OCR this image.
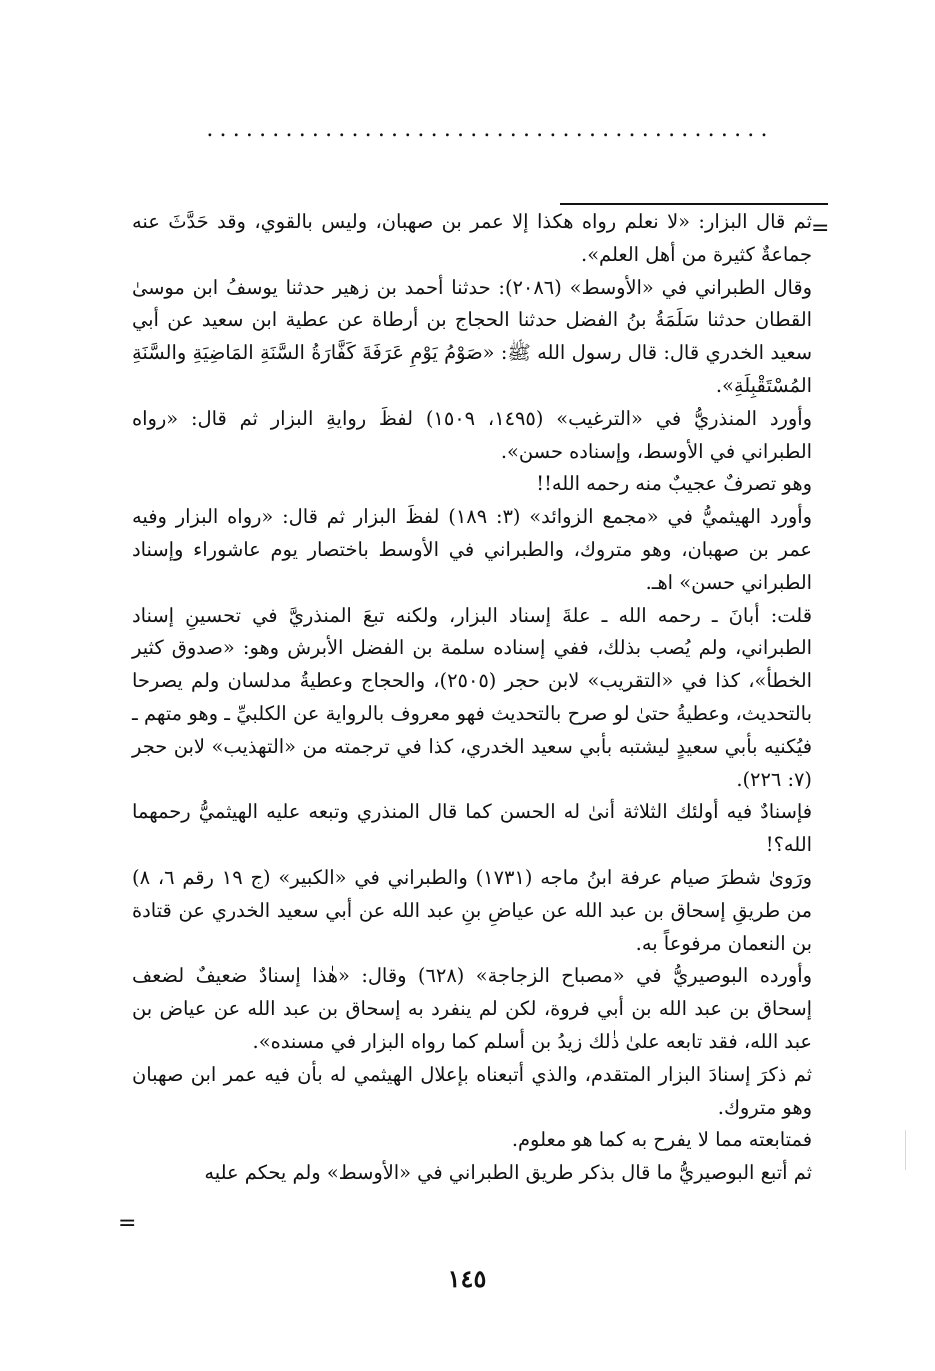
...........................................
=

ثم قال البزار: «لا نعلم رواه هكذا إلا عمر بن صهبان، وليس بالقوي، وقد حَدَّثَ عنه جماعةٌ كثيرة من أهل العلم».

وقال الطبراني في «الأوسط» (٢٠٨٦): حدثنا أحمد بن زهير حدثنا يوسفُ ابن موسىٰ القطان حدثنا سَلَمَةُ بنُ الفضل حدثنا الحجاج بن أرطاة عن عطية ابن سعيد عن أبي سعيد الخدري قال: قال رسول الله ﷺ: «صَوْمُ يَوْمِ عَرَفَةَ كَفَّارَةُ السَّنَةِ المَاضِيَةِ والسَّنَةِ المُسْتَقْبِلَةِ».

وأورد المنذريُّ في «الترغيب» (١٤٩٥، ١٥٠٩) لفظَ روايةِ البزار ثم قال: «رواه الطبراني في الأوسط، وإسناده حسن».

وهو تصرفٌ عجيبٌ منه رحمه الله!!

وأورد الهيثميُّ في «مجمع الزوائد» (٣: ١٨٩) لفظَ البزار ثم قال: «رواه البزار وفيه عمر بن صهبان، وهو متروك، والطبراني في الأوسط باختصار يوم عاشوراء وإسناد الطبراني حسن» اهـ.

قلت: أبانَ ـ رحمه الله ـ علةَ إسناد البزار، ولكنه تبعَ المنذريَّ في تحسينِ إسناد الطبراني، ولم يُصب بذلك، ففي إسناده سلمة بن الفضل الأبرش وهو: «صدوق كثير الخطأ»، كذا في «التقريب» لابن حجر (٢٥٠٥)، والحجاج وعطيةُ مدلسان ولم يصرحا بالتحديث، وعطيةُ حتىٰ لو صرح بالتحديث فهو معروف بالرواية عن الكلبيِّ ـ وهو متهم ـ فيُكنيه بأبي سعيدٍ ليشتبه بأبي سعيد الخدري، كذا في ترجمته من «التهذيب» لابن حجر (٧: ٢٢٦).

فإسنادٌ فيه أولئك الثلاثة أنىٰ له الحسن كما قال المنذري وتبعه عليه الهيثميُّ رحمهما الله؟!

ورَوىٰ شطرَ صيام عرفة ابنُ ماجه (١٧٣١) والطبراني في «الكبير» (ج ١٩ رقم ٦، ٨) من طريقِ إسحاق بن عبد الله عن عياضِ بنِ عبد الله عن أبي سعيد الخدري عن قتادة بن النعمان مرفوعاً به.

وأورده البوصيريُّ في «مصباح الزجاجة» (٦٢٨) وقال: «هٰذا إسنادٌ ضعيفٌ لضعف إسحاق بن عبد الله بن أبي فروة، لكن لم ينفرد به إسحاق بن عبد الله عن عياض بن عبد الله، فقد تابعه علىٰ ذٰلك زيدُ بن أسلم كما رواه البزار في مسنده».

ثم ذكرَ إسنادَ البزار المتقدم، والذي أتبعناه بإعلال الهيثمي له بأن فيه عمر ابن صهبان وهو متروك.

فمتابعته مما لا يفرح به كما هو معلوم.

ثم أتبع البوصيريُّ ما قال بذكر طريق الطبراني في «الأوسط» ولم يحكم عليه

=
١٤٥
